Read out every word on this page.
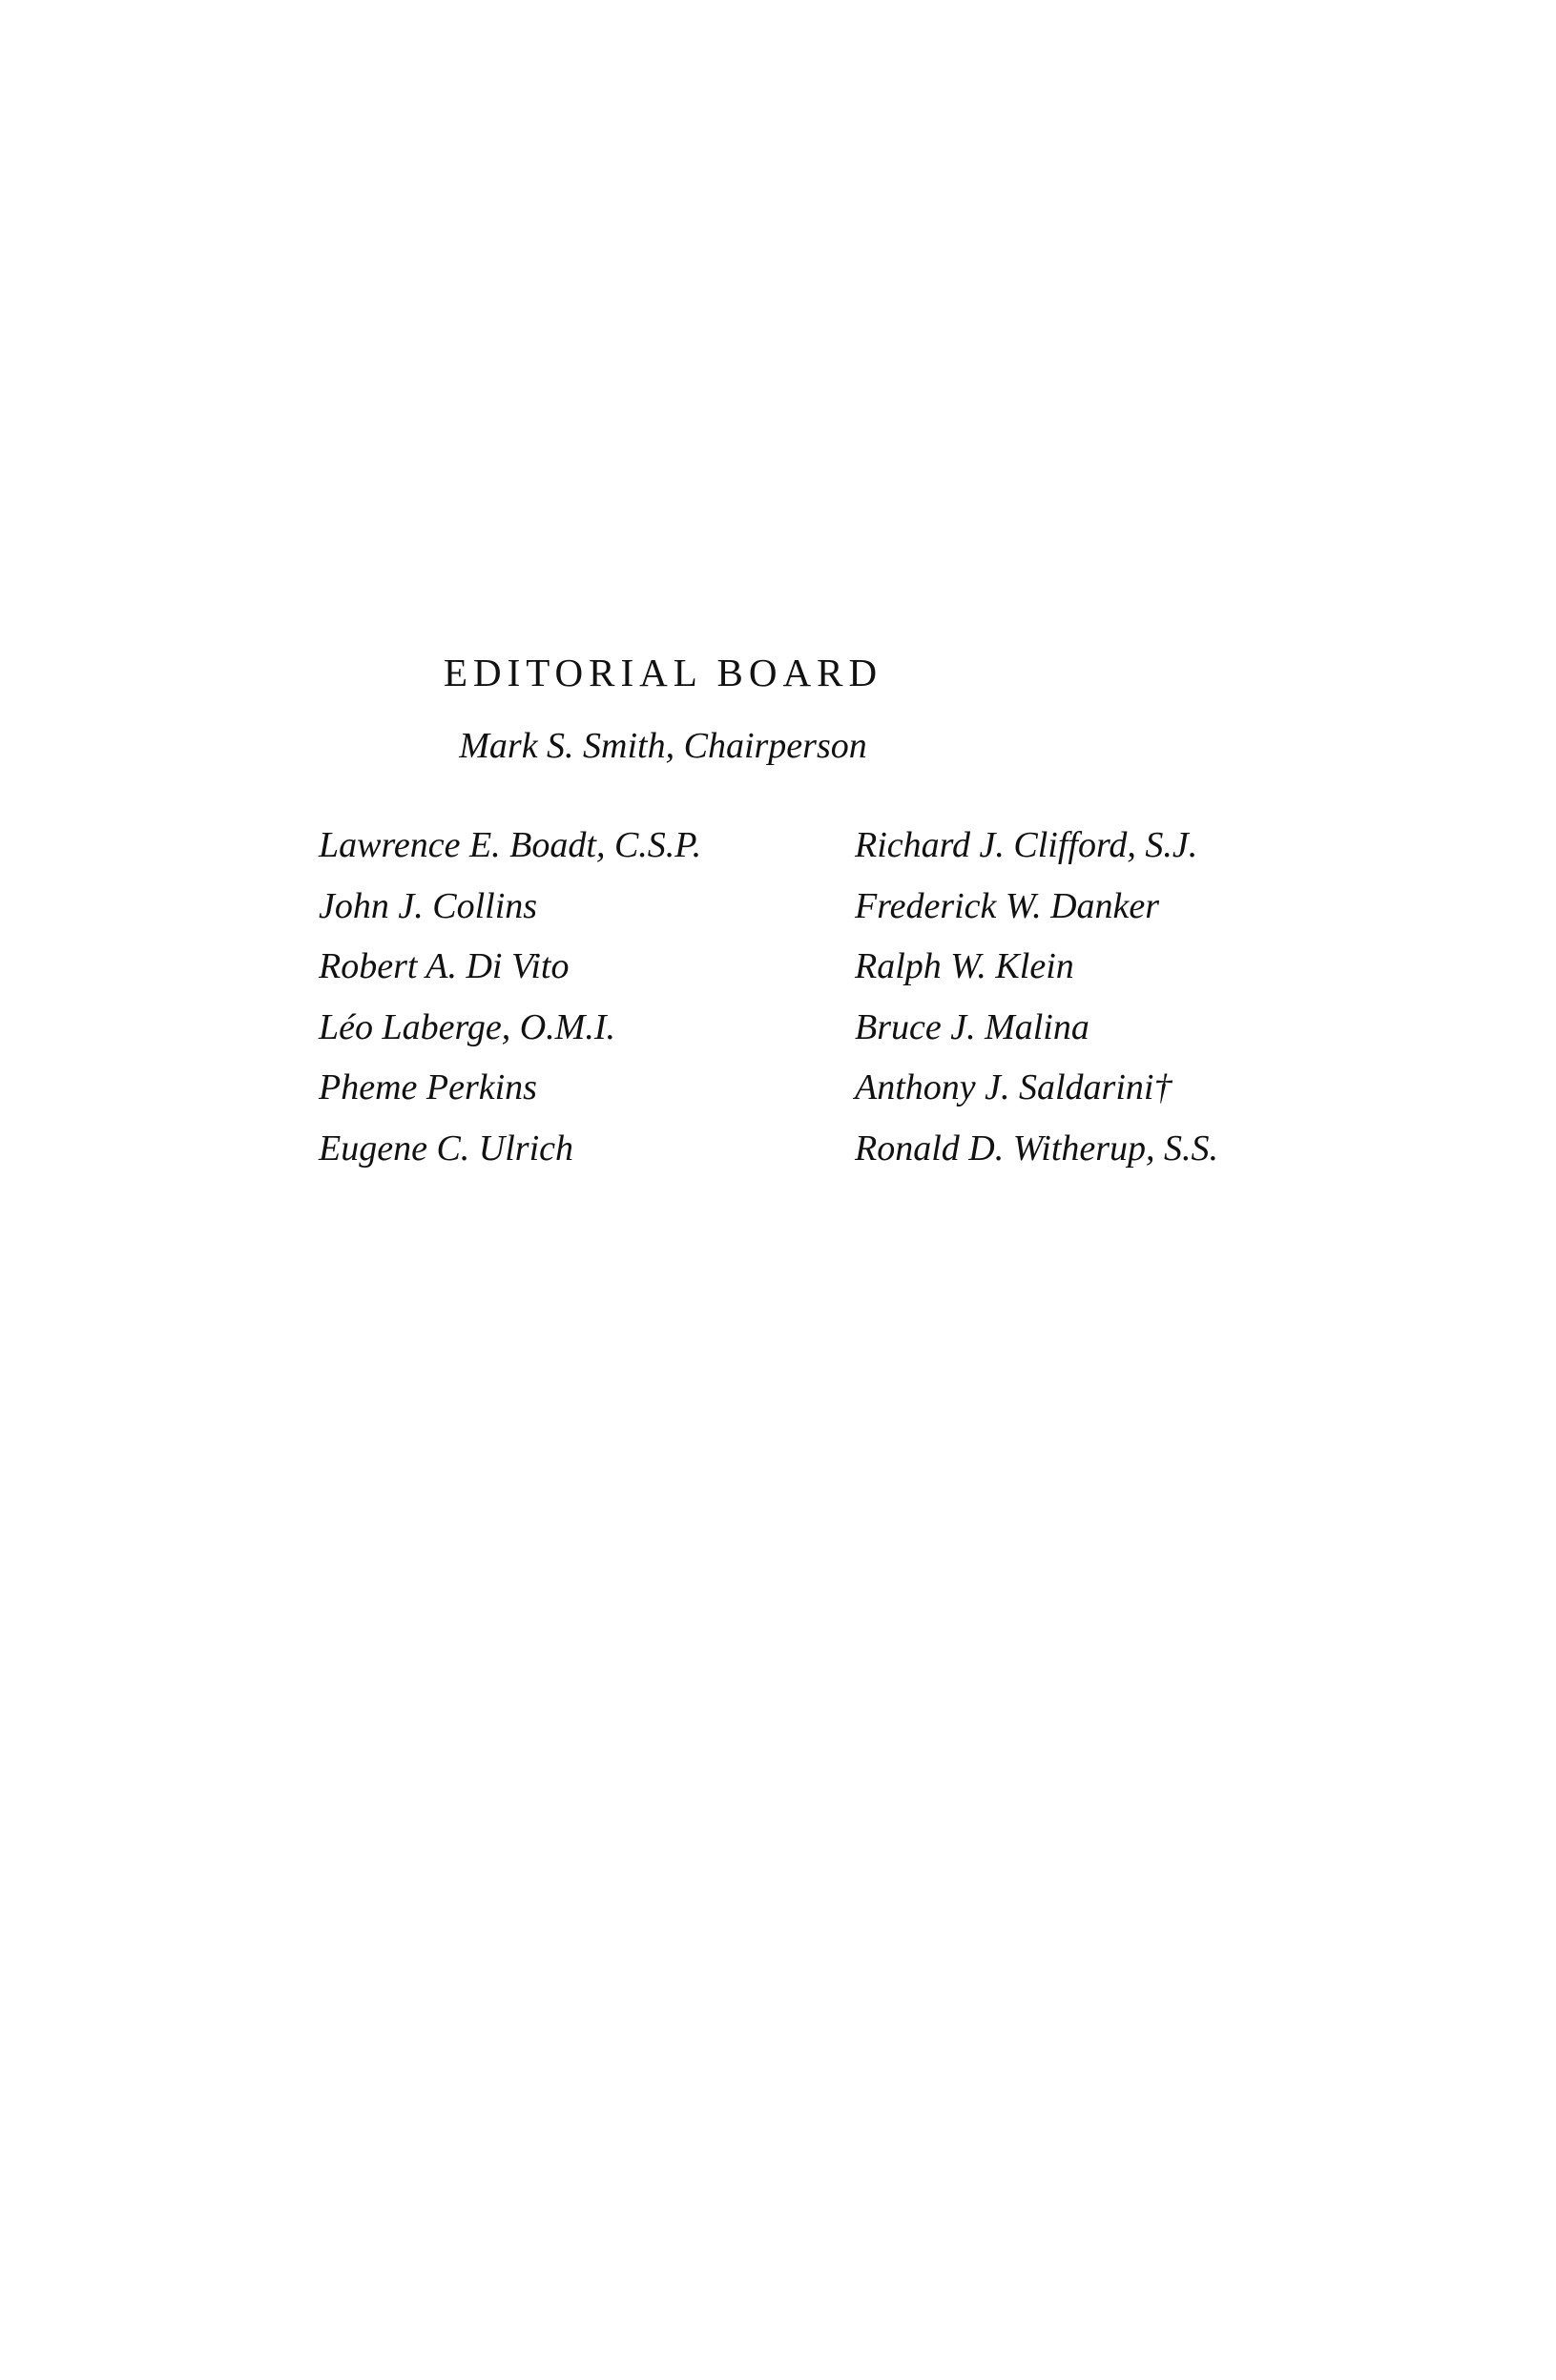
EDITORIAL BOARD
Mark S. Smith, Chairperson
Lawrence E. Boadt, C.S.P.
John J. Collins
Robert A. Di Vito
Léo Laberge, O.M.I.
Pheme Perkins
Eugene C. Ulrich
Richard J. Clifford, S.J.
Frederick W. Danker
Ralph W. Klein
Bruce J. Malina
Anthony J. Saldarini†
Ronald D. Witherup, S.S.
